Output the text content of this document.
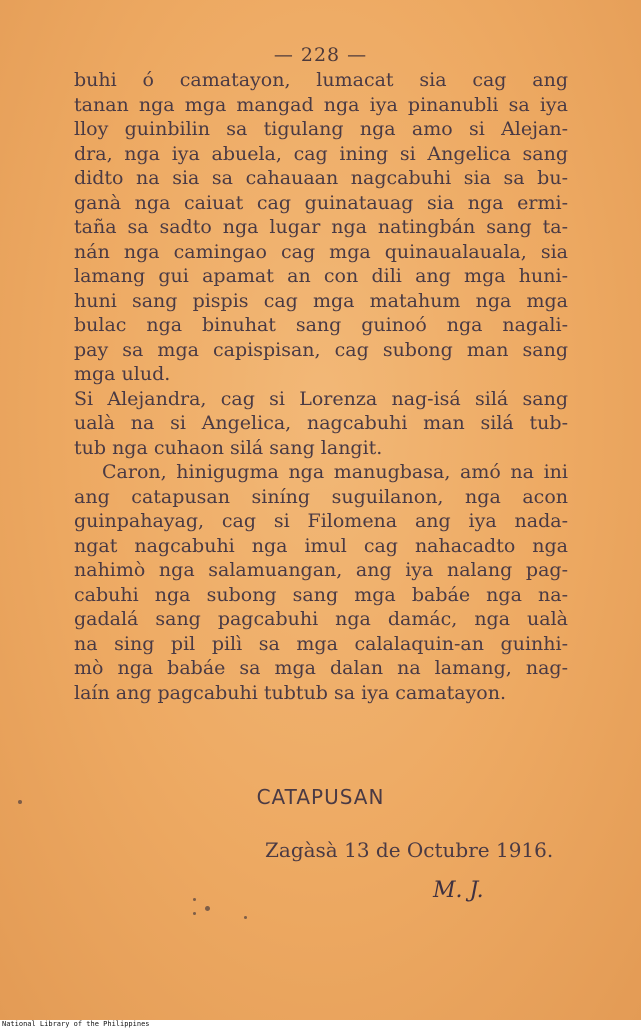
— 228 —
buhi ó camatayon, lumacat sia cag ang
tanan nga mga mangad nga iya pinanubli sa iya
lloy guinbilin sa tigulang nga amo si Alejan-
dra, nga iya abuela, cag ining si Angelica sang
didto na sia sa cahauaan nagcabuhi sia sa bu-
ganà nga caiuat cag guinatauag sia nga ermi-
taña sa sadto nga lugar nga natingbán sang ta-
nán nga camingao cag mga quinaualauala, sia
lamang gui apamat an con dili ang mga huni-
huni sang pispis cag mga matahum nga mga
bulac nga binuhat sang guinoó nga nagali-
pay sa mga capispisan, cag subong man sang
mga ulud.
Si Alejandra, cag si Lorenza nag-isá silá sang
ualà na si Angelica, nagcabuhi man silá tub-
tub nga cuhaon silá sang langit.
Caron, hinigugma nga manugbasa, amó na ini
ang catapusan siníng suguilanon, nga acon
guinpahayag, cag si Filomena ang iya nada-
ngat nagcabuhi nga imul cag nahacadto nga
nahimò nga salamuangan, ang iya nalang pag-
cabuhi nga subong sang mga babáe nga na-
gadalá sang pagcabuhi nga damác, nga ualà
na sing pil pilì sa mga calalaquin-an guinhi-
mò nga babáe sa mga dalan na lamang, nag-
laín ang pagcabuhi tubtub sa iya camatayon.
CATAPUSAN
Zagàsà 13 de Octubre 1916.
M. J.
National Library of the Philippines
